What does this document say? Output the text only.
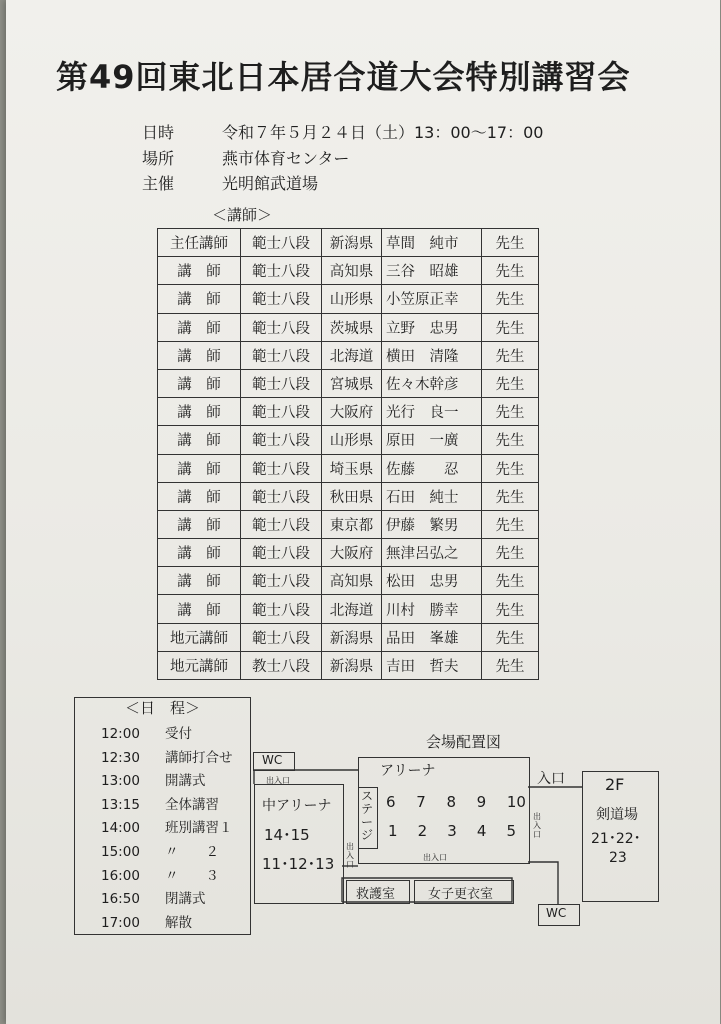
第49回東北日本居合道大会特別講習会
日時	令和７年５月２４日（土）13：00～17：00
場所	燕市体育センター
主催	光明館武道場
＜講師＞
主任講師	範士八段	新潟県	草間　純市	先生
講　師	範士八段	高知県	三谷　昭雄	先生
講　師	範士八段	山形県	小笠原正幸	先生
講　師	範士八段	茨城県	立野　忠男	先生
講　師	範士八段	北海道	横田　清隆	先生
講　師	範士八段	宮城県	佐々木幹彦	先生
講　師	範士八段	大阪府	光行　良一	先生
講　師	範士八段	山形県	原田　一廣	先生
講　師	範士八段	埼玉県	佐藤　　忍	先生
講　師	範士八段	秋田県	石田　純士	先生
講　師	範士八段	東京都	伊藤　繁男	先生
講　師	範士八段	大阪府	無津呂弘之	先生
講　師	範士八段	高知県	松田　忠男	先生
講　師	範士八段	北海道	川村　勝幸	先生
地元講師	範士八段	新潟県	品田　峯雄	先生
地元講師	教士八段	新潟県	吉田　哲夫	先生
＜日　程＞
12:00 受付
12:30 講師打合せ
13:00 開講式
13:15 全体講習
14:00 班別講習１
15:00 〃　　２
16:00 〃　　３
16:50 閉講式
17:00 解散
会場配置図
WC
出入口
中アリーナ
14･15
11･12･13
出入口
アリーナ
ステージ
6 7 8 9 10
1 2 3 4 5
出入口
出入口
入口
救護室	女子更衣室
2F
剣道場
21･22･
23
WC
